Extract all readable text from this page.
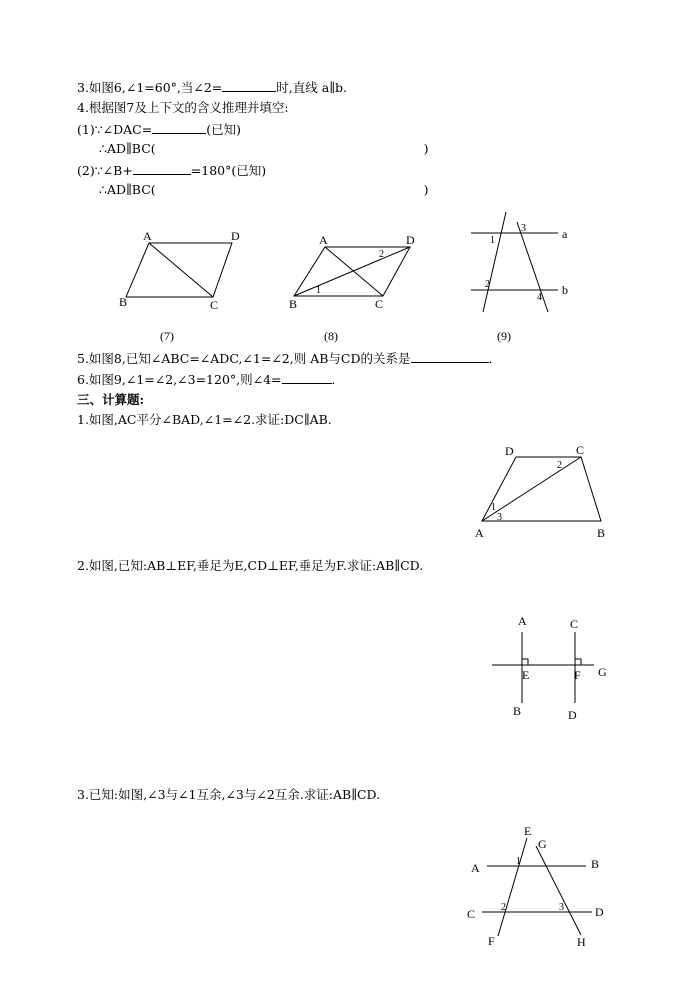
3.如图6,∠1=60°,当∠2=	时,直线 a∥b.
4.根据图7及上下文的含义推理并填空:
(1)∵∠DAC=	(已知)
∴AD∥BC(	)
(2)∵∠B+	=180°(已知)
∴AD∥BC(	)
5.如图8,已知∠ABC=∠ADC,∠1=∠2,则 AB与CD的关系是	.
6.如图9,∠1=∠2,∠3=120°,则∠4=	.
三、计算题:
1.如图,AC平分∠BAD,∠1=∠2.求证:DC∥AB.
2.如图,已知:AB⊥EF,垂足为E,CD⊥EF,垂足为F.求证:AB∥CD.
3.已知:如图,∠3与∠1互余,∠3与∠2互余.求证:AB∥CD.
A	D
B	C
(7)
A	D
B	C
1
2
(8)
a
b
1
3
2
4
(9)
D	C
A	B
1
3
2
A
B
C
D
E	F G
E
G
A	B
C	D
F	H
1
2	3
